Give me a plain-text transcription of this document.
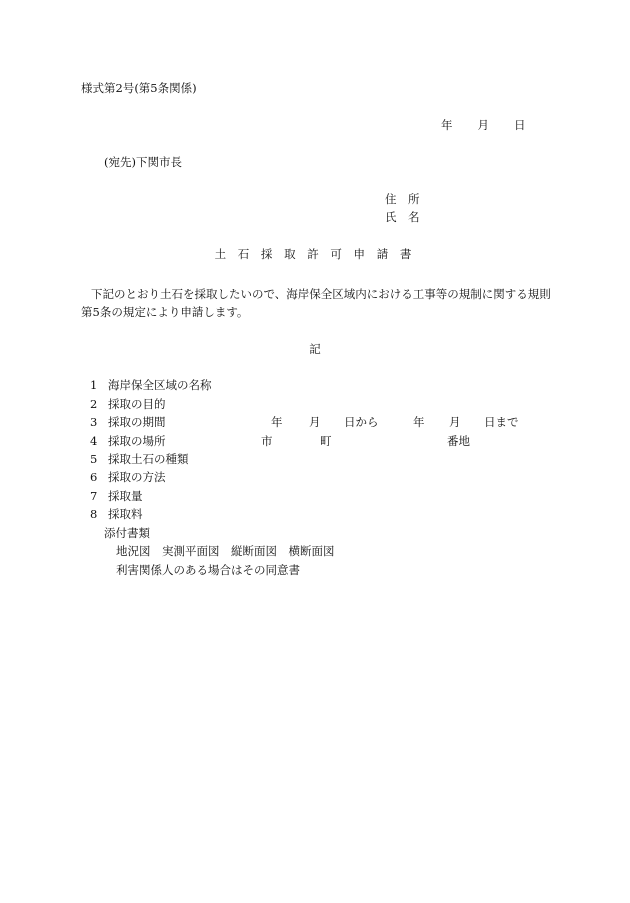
様式第2号(第5条関係)
年 月 日
(宛先)下関市長
住　所
氏　名
土 石 採 取 許 可 申 請 書
下記のとおり土石を採取したいので、海岸保全区域内における工事等の規制に関する規則第5条の規定により申請します。
記
1 海岸保全区域の名称
2 採取の目的
3 採取の期間
4 採取の場所
5 採取土石の種類
6 採取の方法
7 採取量
8 採取料
年 月 日から	年 月 日まで
市	町	番地
添付書類
地況図　実測平面図　縦断面図　横断面図
利害関係人のある場合はその同意書
